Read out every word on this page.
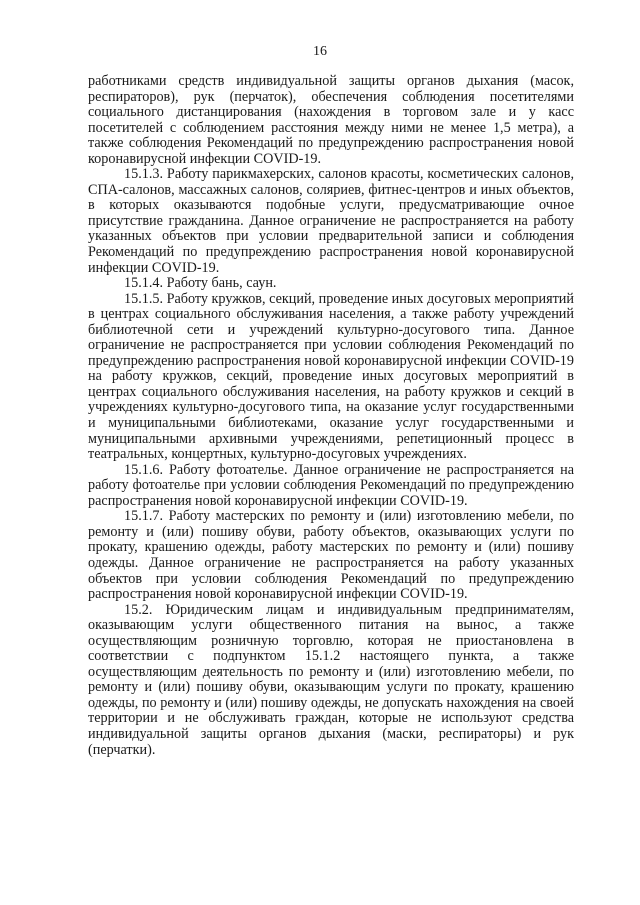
16

работниками средств индивидуальной защиты органов дыхания (масок, респираторов), рук (перчаток), обеспечения соблюдения посетителями социального дистанцирования (нахождения в торговом зале и у касс посетителей с соблюдением расстояния между ними не менее 1,5 метра), а также соблюдения Рекомендаций по предупреждению распространения новой коронавирусной инфекции COVID-19.

15.1.3. Работу парикмахерских, салонов красоты, косметических салонов, СПА-салонов, массажных салонов, соляриев, фитнес-центров и иных объектов, в которых оказываются подобные услуги, предусматривающие очное присутствие гражданина. Данное ограничение не распространяется на работу указанных объектов при условии предварительной записи и соблюдения Рекомендаций по предупреждению распространения новой коронавирусной инфекции COVID-19.

15.1.4. Работу бань, саун.

15.1.5. Работу кружков, секций, проведение иных досуговых мероприятий в центрах социального обслуживания населения, а также работу учреждений библиотечной сети и учреждений культурно-досугового типа. Данное ограничение не распространяется при условии соблюдения Рекомендаций по предупреждению распространения новой коронавирусной инфекции COVID-19 на работу кружков, секций, проведение иных досуговых мероприятий в центрах социального обслуживания населения, на работу кружков и секций в учреждениях культурно-досугового типа, на оказание услуг государственными и муниципальными библиотеками, оказание услуг государственными и муниципальными архивными учреждениями, репетиционный процесс в театральных, концертных, культурно-досуговых учреждениях.

15.1.6. Работу фотоателье. Данное ограничение не распространяется на работу фотоателье при условии соблюдения Рекомендаций по предупреждению распространения новой коронавирусной инфекции COVID-19.

15.1.7. Работу мастерских по ремонту и (или) изготовлению мебели, по ремонту и (или) пошиву обуви, работу объектов, оказывающих услуги по прокату, крашению одежды, работу мастерских по ремонту и (или) пошиву одежды. Данное ограничение не распространяется на работу указанных объектов при условии соблюдения Рекомендаций по предупреждению распространения новой коронавирусной инфекции COVID-19.

15.2. Юридическим лицам и индивидуальным предпринимателям, оказывающим услуги общественного питания на вынос, а также осуществляющим розничную торговлю, которая не приостановлена в соответствии с подпунктом 15.1.2 настоящего пункта, а также осуществляющим деятельность по ремонту и (или) изготовлению мебели, по ремонту и (или) пошиву обуви, оказывающим услуги по прокату, крашению одежды, по ремонту и (или) пошиву одежды, не допускать нахождения на своей территории и не обслуживать граждан, которые не используют средства индивидуальной защиты органов дыхания (маски, респираторы) и рук (перчатки).
